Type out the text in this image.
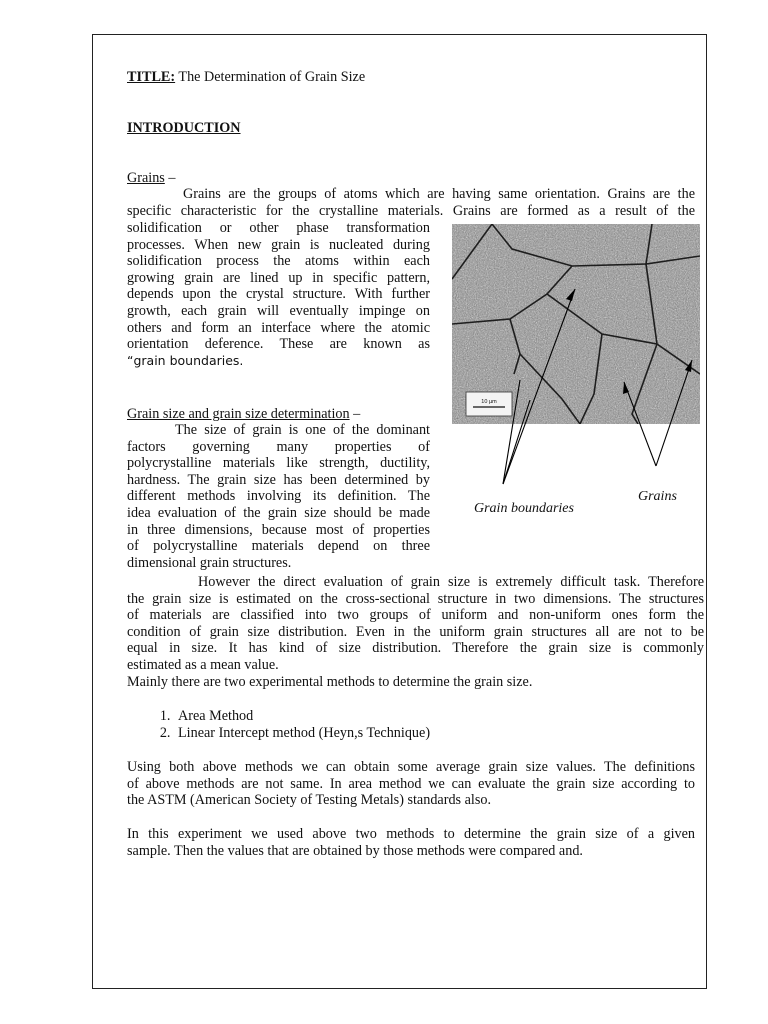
TITLE: The Determination of Grain Size
INTRODUCTION
Grains –
Grains are the groups of atoms which are having same orientation. Grains are the
specific characteristic for the crystalline materials. Grains are formed as a result of the
solidification or other phase transformation
processes. When new grain is nucleated during
solidification process the atoms within each
growing grain are lined up in specific pattern,
depends upon the crystal structure. With further
growth, each grain will eventually impinge on
others and form an interface where the atomic
orientation deference. These are known as
“grain boundaries.
Grain size and grain size determination –
The size of grain is one of the dominant
factors governing many properties of
polycrystalline materials like strength, ductility,
hardness. The grain size has been determined by
different methods involving its definition. The
idea evaluation of the grain size should be made
in three dimensions, because most of properties
of polycrystalline materials depend on three
dimensional grain structures.
However the direct evaluation of grain size is extremely difficult task. Therefore
the grain size is estimated on the cross-sectional structure in two dimensions. The structures
of materials are classified into two groups of uniform and non-uniform ones form the
condition of grain size distribution. Even in the uniform grain structures all are not to be
equal in size. It has kind of size distribution. Therefore the grain size is commonly
estimated as a mean value.
Mainly there are two experimental methods to determine the grain size.
1. Area Method
2. Linear Intercept method (Heyn,s Technique)
Using both above methods we can obtain some average grain size values. The definitions
of above methods are not same. In area method we can evaluate the grain size according to
the ASTM (American Society of Testing Metals) standards also.
In this experiment we used above two methods to determine the grain size of a given
sample. Then the values that are obtained by those methods were compared and.
10 µm
Grain boundaries
Grains
